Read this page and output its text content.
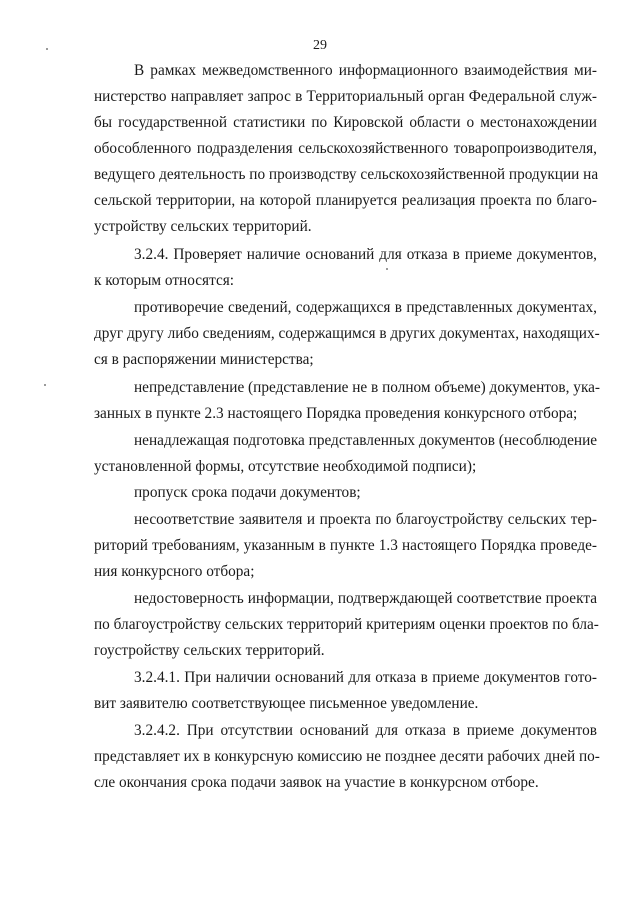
29
В рамках межведомственного информационного взаимодействия ми-
нистерство направляет запрос в Территориальный орган Федеральной служ-
бы государственной статистики по Кировской области о местонахождении
обособленного подразделения сельскохозяйственного товаропроизводителя,
ведущего деятельность по производству сельскохозяйственной продукции на
сельской территории, на которой планируется реализация проекта по благо-
устройству сельских территорий.
3.2.4. Проверяет наличие оснований для отказа в приеме документов,
к которым относятся:
противоречие сведений, содержащихся в представленных документах,
друг другу либо сведениям, содержащимся в других документах, находящих-
ся в распоряжении министерства;
непредставление (представление не в полном объеме) документов, ука-
занных в пункте 2.3 настоящего Порядка проведения конкурсного отбора;
ненадлежащая подготовка представленных документов (несоблюдение
установленной формы, отсутствие необходимой подписи);
пропуск срока подачи документов;
несоответствие заявителя и проекта по благоустройству сельских тер-
риторий требованиям, указанным в пункте 1.3 настоящего Порядка проведе-
ния конкурсного отбора;
недостоверность информации, подтверждающей соответствие проекта
по благоустройству сельских территорий критериям оценки проектов по бла-
гоустройству сельских территорий.
3.2.4.1. При наличии оснований для отказа в приеме документов гото-
вит заявителю соответствующее письменное уведомление.
3.2.4.2. При отсутствии оснований для отказа в приеме документов
представляет их в конкурсную комиссию не позднее десяти рабочих дней по-
сле окончания срока подачи заявок на участие в конкурсном отборе.
